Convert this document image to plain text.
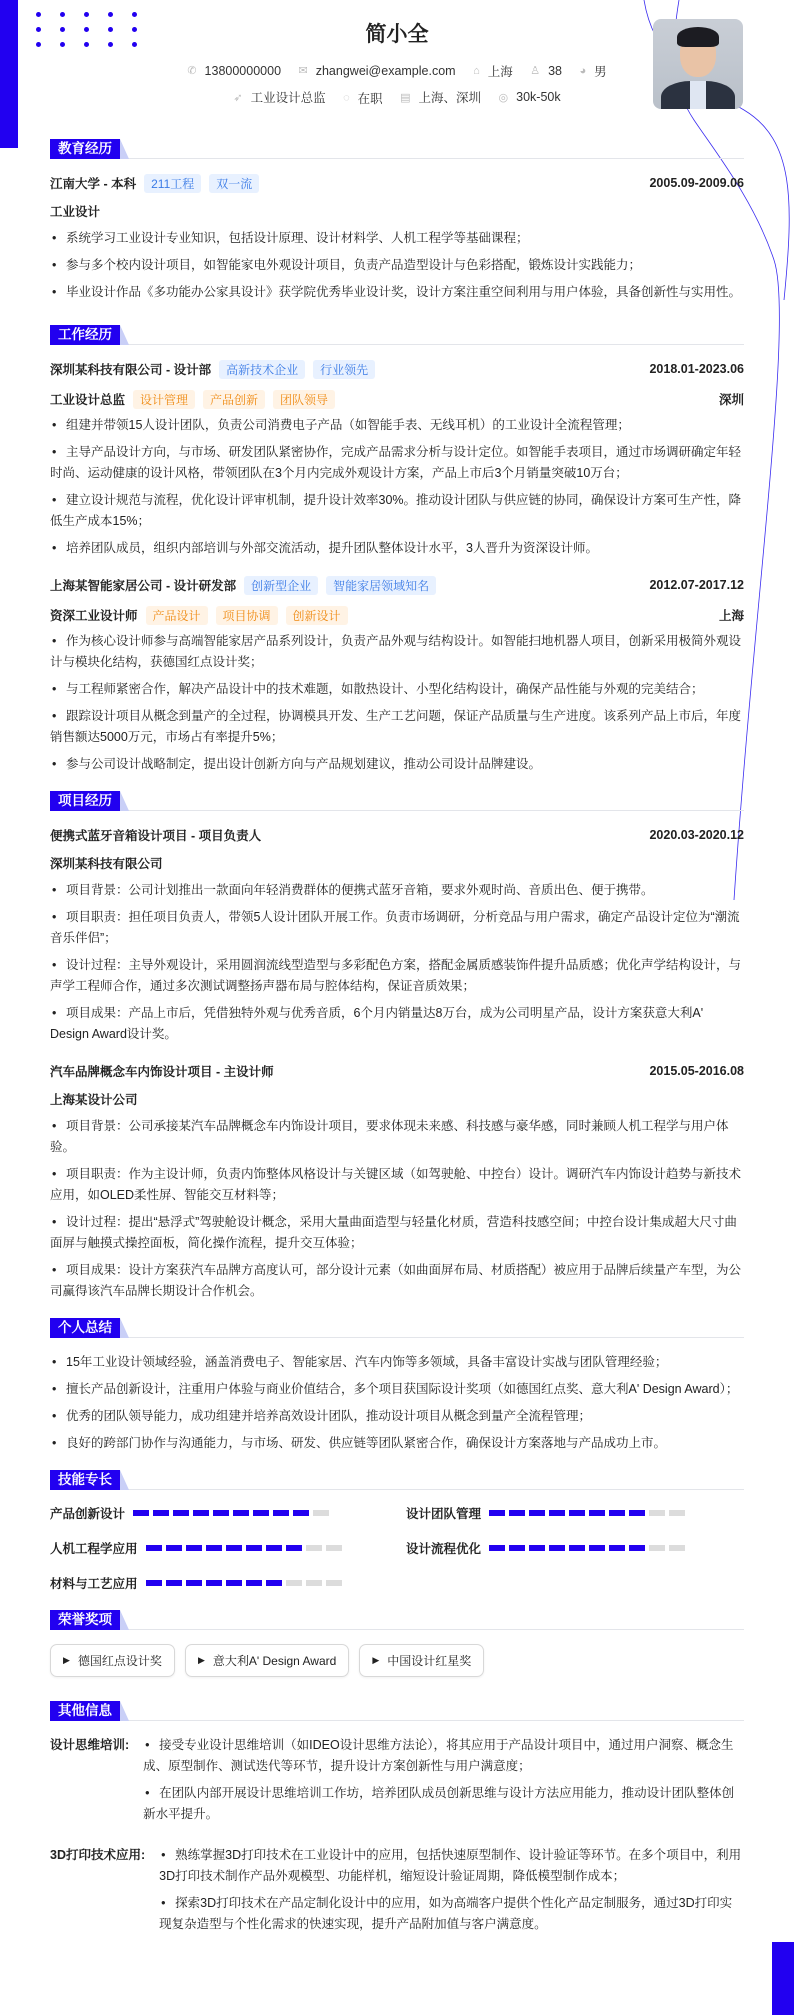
简小全
✆ 13800000000
✉ zhangwei@example.com
⌂ 上海
♙ 38
◕ 男
➶ 工业设计总监
◌ 在职
▤ 上海、深圳
◎ 30k-50k
教育经历
江南大学 - 本科	211工程	双一流	2005.09-2009.06
工业设计
• 系统学习工业设计专业知识，包括设计原理、设计材料学、人机工程学等基础课程；
• 参与多个校内设计项目，如智能家电外观设计项目，负责产品造型设计与色彩搭配，锻炼设计实践能力；
• 毕业设计作品《多功能办公家具设计》获学院优秀毕业设计奖，设计方案注重空间利用与用户体验，具备创新性与实用性。
工作经历
深圳某科技有限公司 - 设计部	高新技术企业	行业领先	2018.01-2023.06
工业设计总监	设计管理	产品创新	团队领导	深圳
• 组建并带领15人设计团队，负责公司消费电子产品（如智能手表、无线耳机）的工业设计全流程管理；
• 主导产品设计方向，与市场、研发团队紧密协作，完成产品需求分析与设计定位。如智能手表项目，通过市场调研确定年轻时尚、运动健康的设计风格，带领团队在3个月内完成外观设计方案，产品上市后3个月销量突破10万台；
• 建立设计规范与流程，优化设计评审机制，提升设计效率30%。推动设计团队与供应链的协同，确保设计方案可生产性，降低生产成本15%；
• 培养团队成员，组织内部培训与外部交流活动，提升团队整体设计水平，3人晋升为资深设计师。
上海某智能家居公司 - 设计研发部	创新型企业	智能家居领域知名	2012.07-2017.12
资深工业设计师	产品设计	项目协调	创新设计	上海
• 作为核心设计师参与高端智能家居产品系列设计，负责产品外观与结构设计。如智能扫地机器人项目，创新采用极简外观设计与模块化结构，获德国红点设计奖；
• 与工程师紧密合作，解决产品设计中的技术难题，如散热设计、小型化结构设计，确保产品性能与外观的完美结合；
• 跟踪设计项目从概念到量产的全过程，协调模具开发、生产工艺问题，保证产品质量与生产进度。该系列产品上市后，年度销售额达5000万元，市场占有率提升5%；
• 参与公司设计战略制定，提出设计创新方向与产品规划建议，推动公司设计品牌建设。
项目经历
便携式蓝牙音箱设计项目 - 项目负责人	2020.03-2020.12
深圳某科技有限公司
• 项目背景：公司计划推出一款面向年轻消费群体的便携式蓝牙音箱，要求外观时尚、音质出色、便于携带。
• 项目职责：担任项目负责人，带领5人设计团队开展工作。负责市场调研，分析竞品与用户需求，确定产品设计定位为“潮流音乐伴侣”；
• 设计过程：主导外观设计，采用圆润流线型造型与多彩配色方案，搭配金属质感装饰件提升品质感；优化声学结构设计，与声学工程师合作，通过多次测试调整扬声器布局与腔体结构，保证音质效果；
• 项目成果：产品上市后，凭借独特外观与优秀音质，6个月内销量达8万台，成为公司明星产品，设计方案获意大利A' Design Award设计奖。
汽车品牌概念车内饰设计项目 - 主设计师	2015.05-2016.08
上海某设计公司
• 项目背景：公司承接某汽车品牌概念车内饰设计项目，要求体现未来感、科技感与豪华感，同时兼顾人机工程学与用户体验。
• 项目职责：作为主设计师，负责内饰整体风格设计与关键区域（如驾驶舱、中控台）设计。调研汽车内饰设计趋势与新技术应用，如OLED柔性屏、智能交互材料等；
• 设计过程：提出“悬浮式”驾驶舱设计概念，采用大量曲面造型与轻量化材质，营造科技感空间；中控台设计集成超大尺寸曲面屏与触摸式操控面板，简化操作流程，提升交互体验；
• 项目成果：设计方案获汽车品牌方高度认可，部分设计元素（如曲面屏布局、材质搭配）被应用于品牌后续量产车型，为公司赢得该汽车品牌长期设计合作机会。
个人总结
• 15年工业设计领域经验，涵盖消费电子、智能家居、汽车内饰等多领域，具备丰富设计实战与团队管理经验；
• 擅长产品创新设计，注重用户体验与商业价值结合，多个项目获国际设计奖项（如德国红点奖、意大利A' Design Award）；
• 优秀的团队领导能力，成功组建并培养高效设计团队，推动设计项目从概念到量产全流程管理；
• 良好的跨部门协作与沟通能力，与市场、研发、供应链等团队紧密合作，确保设计方案落地与产品成功上市。
技能专长
产品创新设计	设计团队管理
人机工程学应用	设计流程优化
材料与工艺应用
荣誉奖项
▶ 德国红点设计奖	▶ 意大利A' Design Award	▶ 中国设计红星奖
其他信息
设计思维培训:	• 接受专业设计思维培训（如IDEO设计思维方法论），将其应用于产品设计项目中，通过用户洞察、概念生成、原型制作、测试迭代等环节，提升设计方案创新性与用户满意度；
• 在团队内部开展设计思维培训工作坊，培养团队成员创新思维与设计方法应用能力，推动设计团队整体创新水平提升。
3D打印技术应用:	• 熟练掌握3D打印技术在工业设计中的应用，包括快速原型制作、设计验证等环节。在多个项目中，利用3D打印技术制作产品外观模型、功能样机，缩短设计验证周期，降低模型制作成本；
• 探索3D打印技术在产品定制化设计中的应用，如为高端客户提供个性化产品定制服务，通过3D打印实现复杂造型与个性化需求的快速实现，提升产品附加值与客户满意度。
